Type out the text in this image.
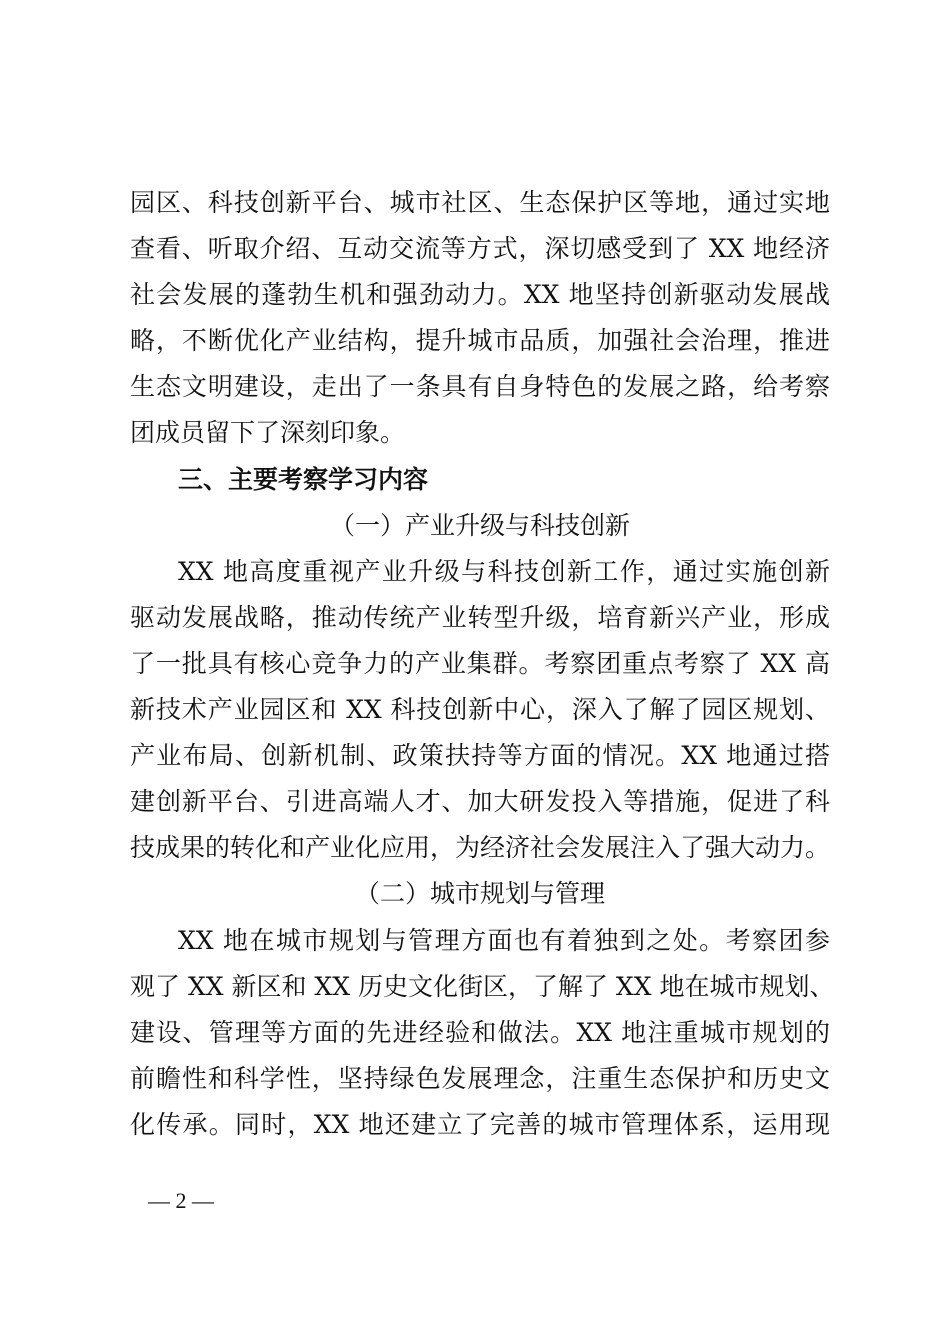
园区、科技创新平台、城市社区、生态保护区等地，通过实地
查看、听取介绍、互动交流等方式，深切感受到了 XX 地经济
社会发展的蓬勃生机和强劲动力。XX 地坚持创新驱动发展战
略，不断优化产业结构，提升城市品质，加强社会治理，推进
生态文明建设，走出了一条具有自身特色的发展之路，给考察
团成员留下了深刻印象。
三、主要考察学习内容
（一）产业升级与科技创新
XX 地高度重视产业升级与科技创新工作，通过实施创新
驱动发展战略，推动传统产业转型升级，培育新兴产业，形成
了一批具有核心竞争力的产业集群。考察团重点考察了 XX 高
新技术产业园区和 XX 科技创新中心，深入了解了园区规划、
产业布局、创新机制、政策扶持等方面的情况。XX 地通过搭
建创新平台、引进高端人才、加大研发投入等措施，促进了科
技成果的转化和产业化应用，为经济社会发展注入了强大动力。
（二）城市规划与管理
XX 地在城市规划与管理方面也有着独到之处。考察团参
观了 XX 新区和 XX 历史文化街区，了解了 XX 地在城市规划、
建设、管理等方面的先进经验和做法。XX 地注重城市规划的
前瞻性和科学性，坚持绿色发展理念，注重生态保护和历史文
化传承。同时，XX 地还建立了完善的城市管理体系，运用现
— 2 —
